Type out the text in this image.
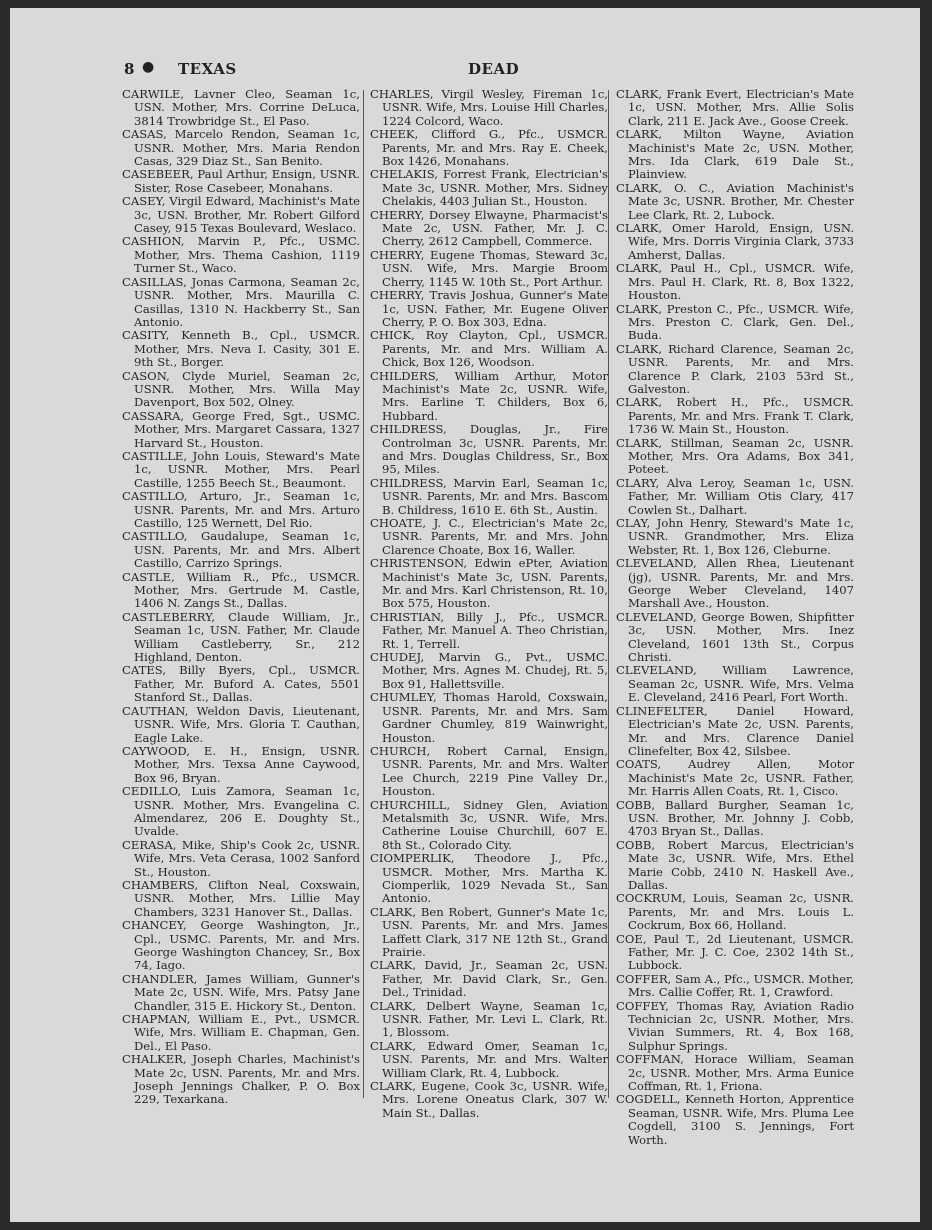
8 ● TEXAS	DEAD

CARWILE, Lavner Cleo, Seaman 1c, USN. Mother, Mrs. Corrine DeLuca, 3814 Trowbridge St., El Paso.

CASAS, Marcelo Rendon, Seaman 1c, USNR. Mother, Mrs. Maria Rendon Casas, 329 Diaz St., San Benito.

CASEBEER, Paul Arthur, Ensign, USNR. Sister, Rose Casebeer, Monahans.

CASEY, Virgil Edward, Machinist's Mate 3c, USN. Brother, Mr. Robert Gilford Casey, 915 Texas Boulevard, Weslaco.

CASHION, Marvin P., Pfc., USMC. Mother, Mrs. Thema Cashion, 1119 Turner St., Waco.

CASILLAS, Jonas Carmona, Seaman 2c, USNR. Mother, Mrs. Maurilla C. Casillas, 1310 N. Hackberry St., San Antonio.

CASITY, Kenneth B., Cpl., USMCR. Mother, Mrs. Neva I. Casity, 301 E. 9th St., Borger.

CASON, Clyde Muriel, Seaman 2c, USNR. Mother, Mrs. Willa May Davenport, Box 502, Olney.

CASSARA, George Fred, Sgt., USMC. Mother, Mrs. Margaret Cassara, 1327 Harvard St., Houston.

CASTILLE, John Louis, Steward's Mate 1c, USNR. Mother, Mrs. Pearl Castille, 1255 Beech St., Beaumont.

CASTILLO, Arturo, Jr., Seaman 1c, USNR. Parents, Mr. and Mrs. Arturo Castillo, 125 Wernett, Del Rio.

CASTILLO, Gaudalupe, Seaman 1c, USN. Parents, Mr. and Mrs. Albert Castillo, Carrizo Springs.

CASTLE, William R., Pfc., USMCR. Mother, Mrs. Gertrude M. Castle, 1406 N. Zangs St., Dallas.

CASTLEBERRY, Claude William, Jr., Seaman 1c, USN. Father, Mr. Claude William Castleberry, Sr., 212 Highland, Denton.

CATES, Billy Byers, Cpl., USMCR. Father, Mr. Buford A. Cates, 5501 Stanford St., Dallas.

CAUTHAN, Weldon Davis, Lieutenant, USNR. Wife, Mrs. Gloria T. Cauthan, Eagle Lake.

CAYWOOD, E. H., Ensign, USNR. Mother, Mrs. Texsa Anne Caywood, Box 96, Bryan.

CEDILLO, Luis Zamora, Seaman 1c, USNR. Mother, Mrs. Evangelina C. Almendarez, 206 E. Doughty St., Uvalde.

CERASA, Mike, Ship's Cook 2c, USNR. Wife, Mrs. Veta Cerasa, 1002 Sanford St., Houston.

CHAMBERS, Clifton Neal, Coxswain, USNR. Mother, Mrs. Lillie May Chambers, 3231 Hanover St., Dallas.

CHANCEY, George Washington, Jr., Cpl., USMC. Parents, Mr. and Mrs. George Washington Chancey, Sr., Box 74, Iago.

CHANDLER, James William, Gunner's Mate 2c, USN. Wife, Mrs. Patsy Jane Chandler, 315 E. Hickory St., Denton.

CHAPMAN, William E., Pvt., USMCR. Wife, Mrs. William E. Chapman, Gen. Del., El Paso.

CHALKER, Joseph Charles, Machinist's Mate 2c, USN. Parents, Mr. and Mrs. Joseph Jennings Chalker, P. O. Box 229, Texarkana.

CHARLES, Virgil Wesley, Fireman 1c, USNR. Wife, Mrs. Louise Hill Charles, 1224 Colcord, Waco.

CHEEK, Clifford G., Pfc., USMCR. Parents, Mr. and Mrs. Ray E. Cheek, Box 1426, Monahans.

CHELAKIS, Forrest Frank, Electrician's Mate 3c, USNR. Mother, Mrs. Sidney Chelakis, 4403 Julian St., Houston.

CHERRY, Dorsey Elwayne, Pharmacist's Mate 2c, USN. Father, Mr. J. C. Cherry, 2612 Campbell, Commerce.

CHERRY, Eugene Thomas, Steward 3c, USN. Wife, Mrs. Margie Broom Cherry, 1145 W. 10th St., Port Arthur.

CHERRY, Travis Joshua, Gunner's Mate 1c, USN. Father, Mr. Eugene Oliver Cherry, P. O. Box 303, Edna.

CHICK, Roy Clayton, Cpl., USMCR. Parents, Mr. and Mrs. William A. Chick, Box 126, Woodson.

CHILDERS, William Arthur, Motor Machinist's Mate 2c, USNR. Wife, Mrs. Earline T. Childers, Box 6, Hubbard.

CHILDRESS, Douglas, Jr., Fire Controlman 3c, USNR. Parents, Mr. and Mrs. Douglas Childress, Sr., Box 95, Miles.

CHILDRESS, Marvin Earl, Seaman 1c, USNR. Parents, Mr. and Mrs. Bascom B. Childress, 1610 E. 6th St., Austin.

CHOATE, J. C., Electrician's Mate 2c, USNR. Parents, Mr. and Mrs. John Clarence Choate, Box 16, Waller.

CHRISTENSON, Edwin ePter, Aviation Machinist's Mate 3c, USN. Parents, Mr. and Mrs. Karl Christenson, Rt. 10, Box 575, Houston.

CHRISTIAN, Billy J., Pfc., USMCR. Father, Mr. Manuel A. Theo Christian, Rt. 1, Terrell.

CHUDEJ, Marvin G., Pvt., USMC. Mother, Mrs. Agnes M. Chudej, Rt. 5, Box 91, Hallettsville.

CHUMLEY, Thomas Harold, Coxswain, USNR. Parents, Mr. and Mrs. Sam Gardner Chumley, 819 Wainwright, Houston.

CHURCH, Robert Carnal, Ensign, USNR. Parents, Mr. and Mrs. Walter Lee Church, 2219 Pine Valley Dr., Houston.

CHURCHILL, Sidney Glen, Aviation Metalsmith 3c, USNR. Wife, Mrs. Catherine Louise Churchill, 607 E. 8th St., Colorado City.

CIOMPERLIK, Theodore J., Pfc., USMCR. Mother, Mrs. Martha K. Ciomperlik, 1029 Nevada St., San Antonio.

CLARK, Ben Robert, Gunner's Mate 1c, USN. Parents, Mr. and Mrs. James Laffett Clark, 317 NE 12th St., Grand Prairie.

CLARK, David, Jr., Seaman 2c, USN. Father, Mr. David Clark, Sr., Gen. Del., Trinidad.

CLARK, Delbert Wayne, Seaman 1c, USNR. Father, Mr. Levi L. Clark, Rt. 1, Blossom.

CLARK, Edward Omer, Seaman 1c, USN. Parents, Mr. and Mrs. Walter William Clark, Rt. 4, Lubbock.

CLARK, Eugene, Cook 3c, USNR. Wife, Mrs. Lorene Oneatus Clark, 307 W. Main St., Dallas.

CLARK, Frank Evert, Electrician's Mate 1c, USN. Mother, Mrs. Allie Solis Clark, 211 E. Jack Ave., Goose Creek.

CLARK, Milton Wayne, Aviation Machinist's Mate 2c, USN. Mother, Mrs. Ida Clark, 619 Dale St., Plainview.

CLARK, O. C., Aviation Machinist's Mate 3c, USNR. Brother, Mr. Chester Lee Clark, Rt. 2, Lubock.

CLARK, Omer Harold, Ensign, USN. Wife, Mrs. Dorris Virginia Clark, 3733 Amherst, Dallas.

CLARK, Paul H., Cpl., USMCR. Wife, Mrs. Paul H. Clark, Rt. 8, Box 1322, Houston.

CLARK, Preston C., Pfc., USMCR. Wife, Mrs. Preston C. Clark, Gen. Del., Buda.

CLARK, Richard Clarence, Seaman 2c, USNR. Parents, Mr. and Mrs. Clarence P. Clark, 2103 53rd St., Galveston.

CLARK, Robert H., Pfc., USMCR. Parents, Mr. and Mrs. Frank T. Clark, 1736 W. Main St., Houston.

CLARK, Stillman, Seaman 2c, USNR. Mother, Mrs. Ora Adams, Box 341, Poteet.

CLARY, Alva Leroy, Seaman 1c, USN. Father, Mr. William Otis Clary, 417 Cowlen St., Dalhart.

CLAY, John Henry, Steward's Mate 1c, USNR. Grandmother, Mrs. Eliza Webster, Rt. 1, Box 126, Cleburne.

CLEVELAND, Allen Rhea, Lieutenant (jg), USNR. Parents, Mr. and Mrs. George Weber Cleveland, 1407 Marshall Ave., Houston.

CLEVELAND, George Bowen, Shipfitter 3c, USN. Mother, Mrs. Inez Cleveland, 1601 13th St., Corpus Christi.

CLEVELAND, William Lawrence, Seaman 2c, USNR. Wife, Mrs. Velma E. Cleveland, 2416 Pearl, Fort Worth.

CLINEFELTER, Daniel Howard, Electrician's Mate 2c, USN. Parents, Mr. and Mrs. Clarence Daniel Clinefelter, Box 42, Silsbee.

COATS, Audrey Allen, Motor Machinist's Mate 2c, USNR. Father, Mr. Harris Allen Coats, Rt. 1, Cisco.

COBB, Ballard Burgher, Seaman 1c, USN. Brother, Mr. Johnny J. Cobb, 4703 Bryan St., Dallas.

COBB, Robert Marcus, Electrician's Mate 3c, USNR. Wife, Mrs. Ethel Marie Cobb, 2410 N. Haskell Ave., Dallas.

COCKRUM, Louis, Seaman 2c, USNR. Parents, Mr. and Mrs. Louis L. Cockrum, Box 66, Holland.

COE, Paul T., 2d Lieutenant, USMCR. Father, Mr. J. C. Coe, 2302 14th St., Lubbock.

COFFER, Sam A., Pfc., USMCR. Mother, Mrs. Callie Coffer, Rt. 1, Crawford.

COFFEY, Thomas Ray, Aviation Radio Technician 2c, USNR. Mother, Mrs. Vivian Summers, Rt. 4, Box 168, Sulphur Springs.

COFFMAN, Horace William, Seaman 2c, USNR. Mother, Mrs. Arma Eunice Coffman, Rt. 1, Friona.

COGDELL, Kenneth Horton, Apprentice Seaman, USNR. Wife, Mrs. Pluma Lee Cogdell, 3100 S. Jennings, Fort Worth.
